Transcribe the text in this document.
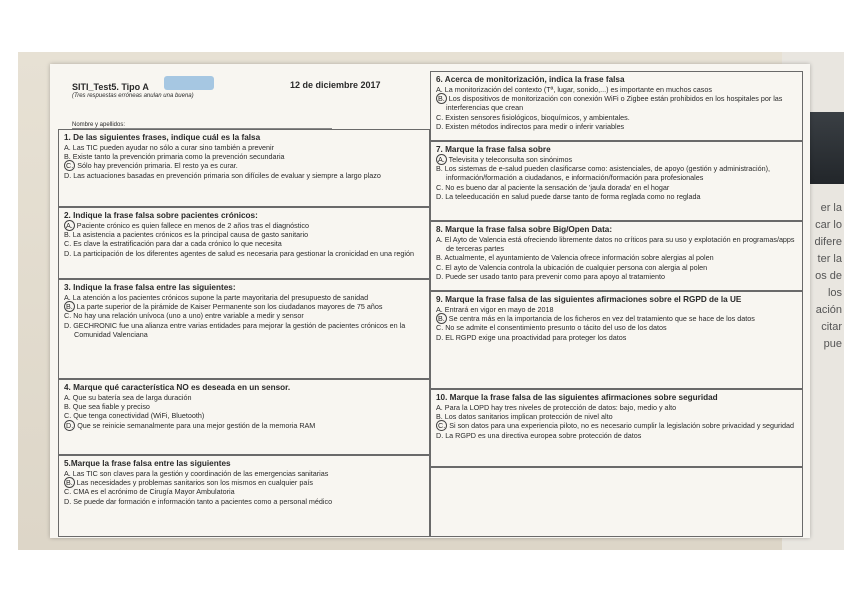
er la
car lo
difere
ter la
os de
los
ación
citar
pue
SITI_Test5. Tipo A	12 de diciembre 2017
(Tres respuestas erróneas anulan una buena)
Nombre y apellidos:
1. De las siguientes frases, indique cuál es la falsa
A. Las TIC pueden ayudar no sólo a curar sino también a prevenir
B. Existe tanto la prevención primaria como la prevención secundaria
C. Sólo hay prevención primaria. El resto ya es curar.
D. Las actuaciones basadas en prevención primaria son difíciles de evaluar y siempre a largo plazo
2. Indique la frase falsa sobre pacientes crónicos:
A. Paciente crónico es quien fallece en menos de 2 años tras el diagnóstico
B. La asistencia a pacientes crónicos es la principal causa de gasto sanitario
C. Es clave la estratificación para dar a cada crónico lo que necesita
D. La participación de los diferentes agentes de salud es necesaria para gestionar la cronicidad en una región
3. Indique la frase falsa entre las siguientes:
A. La atención a los pacientes crónicos supone la parte mayoritaria del presupuesto de sanidad
B. La parte superior de la pirámide de Kaiser Permanente son los ciudadanos mayores de 75 años
C. No hay una relación unívoca (uno a uno) entre variable a medir y sensor
D. GECHRONIC fue una alianza entre varias entidades para mejorar la gestión de pacientes crónicos en la Comunidad Valenciana
4. Marque qué característica NO es deseada en un sensor.
A. Que su batería sea de larga duración
B. Que sea fiable y preciso
C. Que tenga conectividad (WiFi, Bluetooth)
D. Que se reinicie semanalmente para una mejor gestión de la memoria RAM
5.Marque la frase falsa entre las siguientes
A. Las TIC son claves para la gestión y coordinación de las emergencias sanitarias
B. Las necesidades y problemas sanitarios son los mismos en cualquier país
C. CMA es el acrónimo de Cirugía Mayor Ambulatoria
D. Se puede dar formación e información tanto a pacientes como a personal médico
6. Acerca de monitorización, indica la frase falsa
A. La monitorización del contexto (Tª, lugar, sonido,...) es importante en muchos casos
B. Los dispositivos de monitorización con conexión WiFi o Zigbee están prohibidos en los hospitales por las interferencias que crean
C. Existen sensores fisiológicos, bioquímicos, y ambientales.
D. Existen métodos indirectos para medir o inferir variables
7. Marque la frase falsa sobre
A. Televisita y teleconsulta son sinónimos
B. Los sistemas de e-salud pueden clasificarse como: asistenciales, de apoyo (gestión y administración), información/formación a ciudadanos, e información/formación para profesionales
C. No es bueno dar al paciente la sensación de 'jaula dorada' en el hogar
D. La teleeducación en salud puede darse tanto de forma reglada como no reglada
8. Marque la frase falsa sobre Big/Open Data:
A. El Ayto de Valencia está ofreciendo libremente datos no críticos para su uso y explotación en programas/apps de terceras partes
B. Actualmente, el ayuntamiento de Valencia ofrece información sobre alergias al polen
C. El ayto de Valencia controla la ubicación de cualquier persona con alergia al polen
D. Puede ser usado tanto para prevenir como para apoyo al tratamiento
9. Marque la frase falsa de las siguientes afirmaciones sobre el RGPD de la UE
A. Entrará en vigor en mayo de 2018
B. Se centra más en la importancia de los ficheros en vez del tratamiento que se hace de los datos
C. No se admite el consentimiento presunto o tácito del uso de los datos
D. EL RGPD exige una proactividad para proteger los datos
10. Marque la frase falsa de las siguientes afirmaciones sobre seguridad
A. Para la LOPD hay tres niveles de protección de datos: bajo, medio y alto
B. Los datos sanitarios implican protección de nivel alto
C. Si son datos para una experiencia piloto, no es necesario cumplir la legislación sobre privacidad y seguridad
D. La RGPD es una directiva europea sobre protección de datos
